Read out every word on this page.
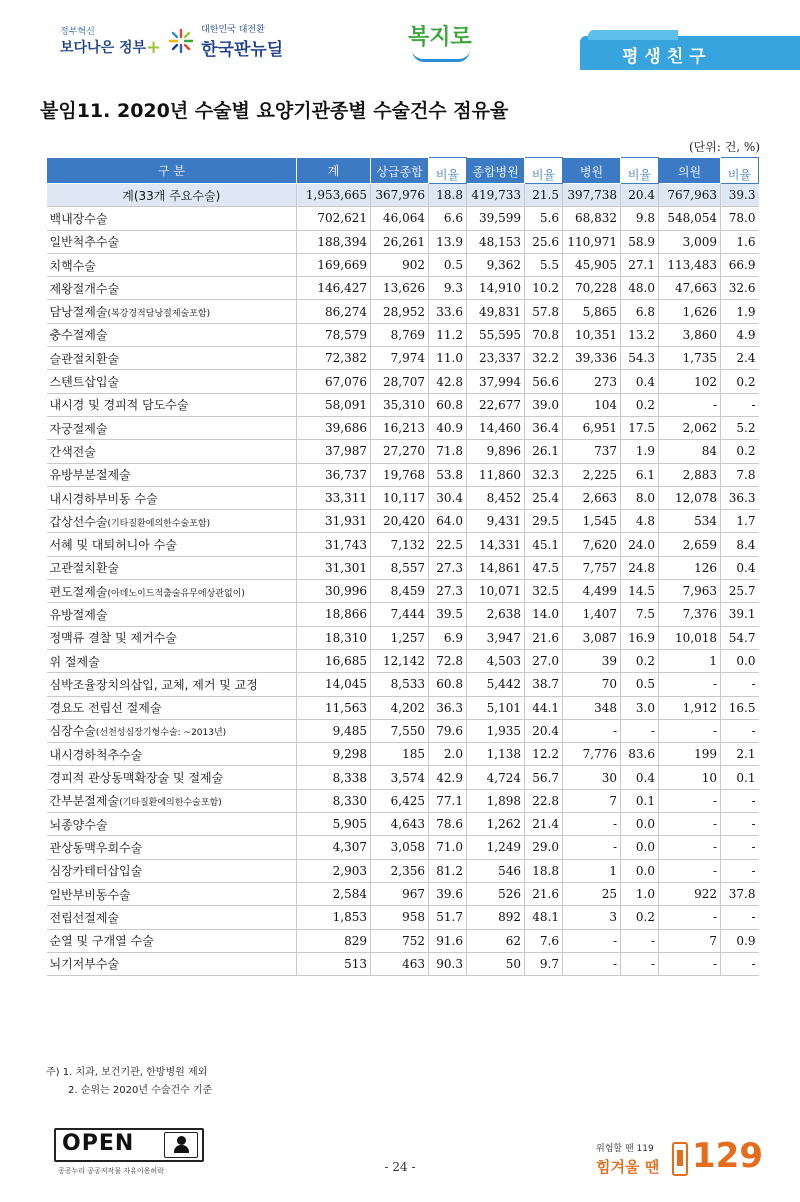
정부혁신
보다나은 정부+

대한민국 대전환
한국판뉴딜	복지로
평생친구
붙임11. 2020년 수술별 요양기관종별 수술건수 점유율
(단위: 건, %)
구 분	계	상급종합	비율	종합병원	비율	병원	비율	의원	비율
계(33개 주요수술)	1,953,665	367,976	18.8	419,733	21.5	397,738	20.4	767,963	39.3
백내장수술	702,621	46,064	6.6	39,599	5.6	68,832	9.8	548,054	78.0
일반척추수술	188,394	26,261	13.9	48,153	25.6	110,971	58.9	3,009	1.6
치핵수술	169,669	902	0.5	9,362	5.5	45,905	27.1	113,483	66.9
제왕절개수술	146,427	13,626	9.3	14,910	10.2	70,228	48.0	47,663	32.6
담낭절제술(복강경적담낭절제술포함)	86,274	28,952	33.6	49,831	57.8	5,865	6.8	1,626	1.9
충수절제술	78,579	8,769	11.2	55,595	70.8	10,351	13.2	3,860	4.9
슬관절치환술	72,382	7,974	11.0	23,337	32.2	39,336	54.3	1,735	2.4
스텐트삽입술	67,076	28,707	42.8	37,994	56.6	273	0.4	102	0.2
내시경 및 경피적 담도수술	58,091	35,310	60.8	22,677	39.0	104	0.2	-	-
자궁절제술	39,686	16,213	40.9	14,460	36.4	6,951	17.5	2,062	5.2
간색전술	37,987	27,270	71.8	9,896	26.1	737	1.9	84	0.2
유방부분절제술	36,737	19,768	53.8	11,860	32.3	2,225	6.1	2,883	7.8
내시경하부비동 수술	33,311	10,117	30.4	8,452	25.4	2,663	8.0	12,078	36.3
갑상선수술(기타질환에의한수술포함)	31,931	20,420	64.0	9,431	29.5	1,545	4.8	534	1.7
서혜 및 대퇴허니아 수술	31,743	7,132	22.5	14,331	45.1	7,620	24.0	2,659	8.4
고관절치환술	31,301	8,557	27.3	14,861	47.5	7,757	24.8	126	0.4
편도절제술(아데노이드적출술유무에상관없이)	30,996	8,459	27.3	10,071	32.5	4,499	14.5	7,963	25.7
유방절제술	18,866	7,444	39.5	2,638	14.0	1,407	7.5	7,376	39.1
정맥류 결찰 및 제거수술	18,310	1,257	6.9	3,947	21.6	3,087	16.9	10,018	54.7
위 절제술	16,685	12,142	72.8	4,503	27.0	39	0.2	1	0.0
심박조율장치의삽입, 교체, 제거 및 교정	14,045	8,533	60.8	5,442	38.7	70	0.5	-	-
경요도 전립선 절제술	11,563	4,202	36.3	5,101	44.1	348	3.0	1,912	16.5
심장수술(선천성심장기형수술: ~2013년)	9,485	7,550	79.6	1,935	20.4	-	-	-	-
내시경하척추수술	9,298	185	2.0	1,138	12.2	7,776	83.6	199	2.1
경피적 관상동맥확장술 및 절제술	8,338	3,574	42.9	4,724	56.7	30	0.4	10	0.1
간부분절제술(기타질환에의한수술포함)	8,330	6,425	77.1	1,898	22.8	7	0.1	-	-
뇌종양수술	5,905	4,643	78.6	1,262	21.4	-	0.0	-	-
관상동맥우회수술	4,307	3,058	71.0	1,249	29.0	-	0.0	-	-
심장카테터삽입술	2,903	2,356	81.2	546	18.8	1	0.0	-	-
일반부비동수술	2,584	967	39.6	526	21.6	25	1.0	922	37.8
전립선절제술	1,853	958	51.7	892	48.1	3	0.2	-	-
순열 및 구개열 수술	829	752	91.6	62	7.6	-	-	7	0.9
뇌기저부수술	513	463	90.3	50	9.7	-	-	-	-
주) 1. 치과, 보건기관, 한방병원 제외
2. 순위는 2020년 수술건수 기준
OPEN
공공누리 공공저작물 자유이용허락	- 24 -
위험할 땐 119
힘겨울 땐 129
